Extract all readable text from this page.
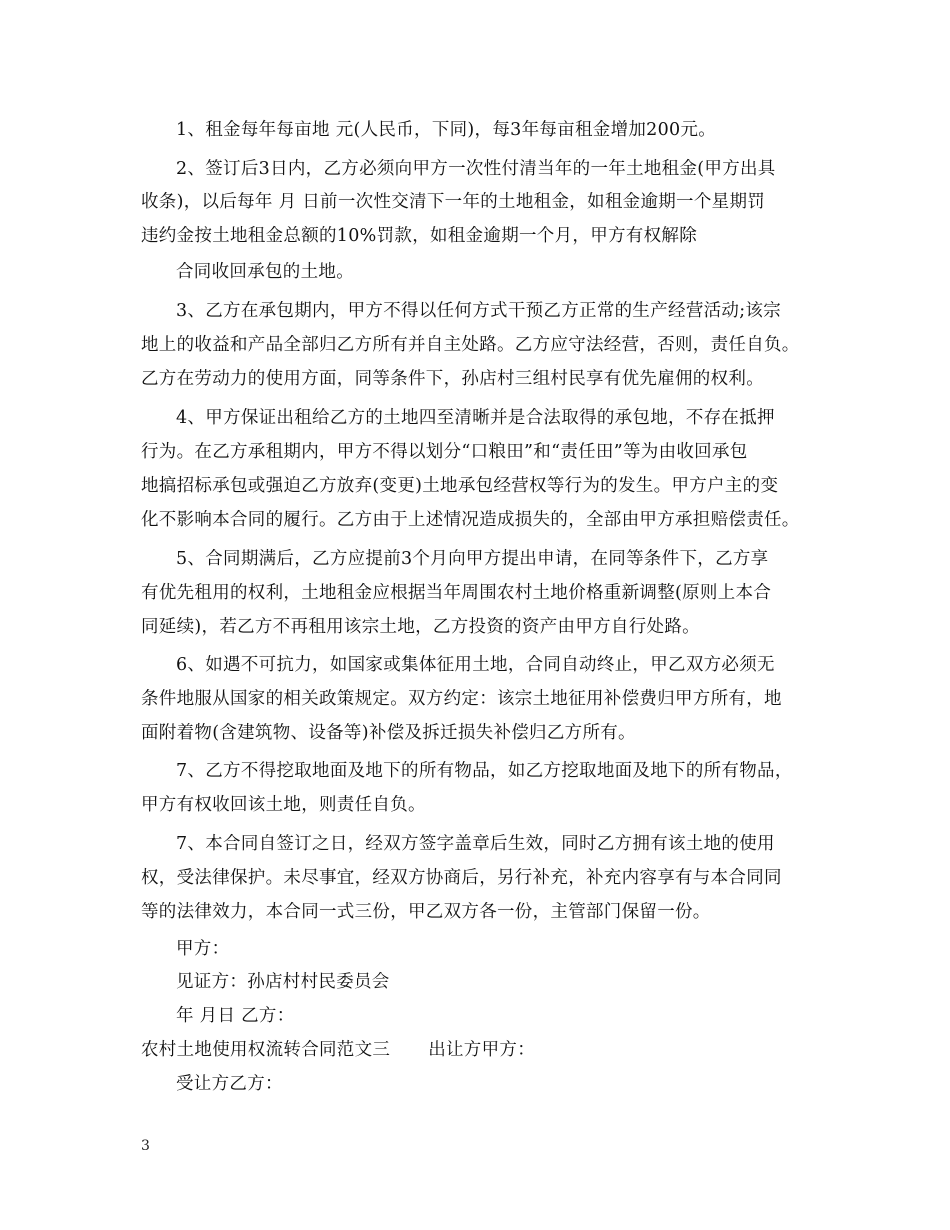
1、租金每年每亩地 元(人民币，下同)，每3年每亩租金增加200元。
2、签订后3日内，乙方必须向甲方一次性付清当年的一年土地租金(甲方出具
收条)，以后每年 月 日前一次性交清下一年的土地租金，如租金逾期一个星期罚
违约金按土地租金总额的10%罚款，如租金逾期一个月，甲方有权解除
合同收回承包的土地。
3、乙方在承包期内，甲方不得以任何方式干预乙方正常的生产经营活动;该宗
地上的收益和产品全部归乙方所有并自主处路。乙方应守法经营，否则，责任自负。
乙方在劳动力的使用方面，同等条件下，孙店村三组村民享有优先雇佣的权利。
4、甲方保证出租给乙方的土地四至清晰并是合法取得的承包地，不存在抵押
行为。在乙方承租期内，甲方不得以划分“口粮田”和“责任田”等为由收回承包
地搞招标承包或强迫乙方放弃(变更)土地承包经营权等行为的发生。甲方户主的变
化不影响本合同的履行。乙方由于上述情况造成损失的，全部由甲方承担赔偿责任。
5、合同期满后，乙方应提前3个月向甲方提出申请，在同等条件下，乙方享
有优先租用的权利，土地租金应根据当年周围农村土地价格重新调整(原则上本合
同延续)，若乙方不再租用该宗土地，乙方投资的资产由甲方自行处路。
6、如遇不可抗力，如国家或集体征用土地，合同自动终止，甲乙双方必须无
条件地服从国家的相关政策规定。双方约定：该宗土地征用补偿费归甲方所有，地
面附着物(含建筑物、设备等)补偿及拆迁损失补偿归乙方所有。
7、乙方不得挖取地面及地下的所有物品，如乙方挖取地面及地下的所有物品，
甲方有权收回该土地，则责任自负。
7、本合同自签订之日，经双方签字盖章后生效，同时乙方拥有该土地的使用
权，受法律保护。未尽事宜，经双方协商后，另行补充，补充内容享有与本合同同
等的法律效力，本合同一式三份，甲乙双方各一份，主管部门保留一份。
甲方：
见证方：孙店村村民委员会
年 月日 乙方：
农村土地使用权流转合同范文三 出让方甲方：
受让方乙方：
3
